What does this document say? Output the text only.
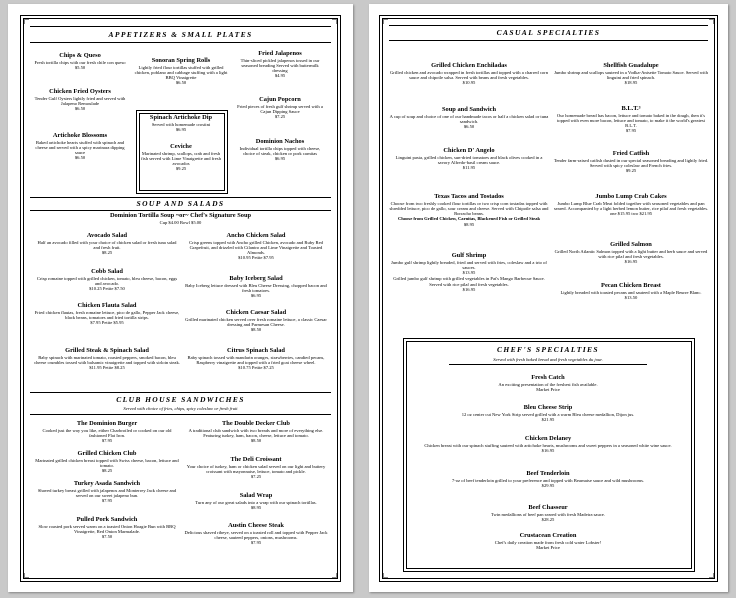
APPETIZERS & SMALL PLATES
Chips & Queso
Fresh tortilla chips with our fresh chile con queso
$5.50
Chicken Fried Oysters
Tender Gulf Oysters lightly fried and served with Jalapeno Remoulade
$6.50
Artichoke Blossoms
Baked artichoke hearts stuffed with spinach and cheese and served with a spicy marinara dipping sauce
$6.50
Sonoran Spring Rolls
Lightly fried flour tortillas stuffed with grilled chicken, poblano and cabbage stuffing with a light BBQ Vinaigrette
$6.50
Spinach Artichoke Dip
Served with homemade crostini
$6.95
Ceviche
Marinated shrimp, scallops, crab and fresh fish served with Lime Vinaigrette and fresh avocados
$9.25
Fried Jalapenos
Thin-sliced pickled jalapenos tossed in our seasoned breading Served with buttermilk dressing
$4.95
Cajun Popcorn
Fried pieces of fresh gulf shrimp served with a Cajun Dipping Sauce
$7.25
Dominion Nachos
Individual tortilla chips topped with cheese, choice of steak, chicken or pork carnitas
$6.95
SOUP AND SALADS
Dominion Tortilla Soup ~or~ Chef's Signature Soup
Cup $4.00 Bowl $5.00
Avocado Salad
Half an avocado filled with your choice of chicken salad or fresh tuna salad and fresh fruit.
$8.25
Cobb Salad
Crisp romaine topped with grilled chicken, tomato, bleu cheese, bacon, eggs and avocado.
$10.25 Petite $7.50
Chicken Flauta Salad
Fried chicken flautas, fresh romaine lettuce, pico de gallo, Pepper Jack cheese, black beans, tomatoes and fried tortilla strips.
$7.95 Petite $5.95
Grilled Steak & Spinach Salad
Baby spinach with marinated tomato, roasted peppers, smoked bacon, bleu cheese crumbles tossed with balsamic vinaigrette and topped with sirloin steak.
$11.95 Petite $8.25
Ancho Chicken Salad
Crisp greens topped with Ancho grilled Chicken, avocado and Ruby Red Grapefruit, and drizzled with Cilantro and Lime Vinaigrette and Toasted Almonds.
$10.95 Petite $7.95
Baby Iceberg Salad
Baby Iceberg lettuce dressed with Bleu Cheese Dressing, chopped bacon and fresh tomatoes.
$6.95
Chicken Caesar Salad
Grilled marinated chicken served over fresh romaine lettuce, a classic Caesar dressing and Parmesan Cheese.
$8.50
Citrus Spinach Salad
Baby spinach tossed with mandarin oranges, strawberries, candied pecans, Raspberry vinaigrette and topped with a fried goat cheese wheel.
$10.75 Petite $7.25
CLUB HOUSE SANDWICHES
Served with choice of fries, chips, spicy coleslaw or fresh fruit
The Dominion Burger
Cooked just the way you like, either Charbroiled or cooked on our old fashioned Flat Iron.
$7.95
Grilled Chicken Club
Marinated grilled chicken breast topped with Swiss cheese, bacon, lettuce and tomato.
$8.25
Turkey Asada Sandwich
Shaved turkey breast grilled with jalapenos and Monterrey Jack cheese and served on our sweet jalapeno bun.
$7.95
Pulled Pork Sandwich
Slow roasted pork served warm on a toasted Onion Hoagie Bun with BBQ Vinaigrette, Red Onion Marmalade.
$7.50
The Double Decker Club
A traditional club sandwich with two breads and more of everything else. Featuring turkey, ham, bacon, cheese, lettuce and tomato.
$8.50
The Deli Croissant
Your choice of turkey, ham or chicken salad served on our light and buttery croissant with mayonnaise, lettuce, tomato and pickle.
$7.25
Salad Wrap
Turn any of our great salads into a wrap with our spinach tortillas.
$8.95
Austin Cheese Steak
Delicious shaved ribeye, served on a toasted roll and topped with Pepper Jack cheese, sauteed peppers, onions, mushrooms.
$7.95
CASUAL SPECIALTIES
Grilled Chicken Enchiladas
Grilled chicken and avocado wrapped in fresh tortillas and topped with a charred corn sauce and chipotle salsa. Served with beans and fresh vegetables.
$10.95
Soup and Sandwich
A cup of soup and choice of one of our handmade tacos or half a chicken salad or tuna sandwich.
$6.50
Chicken D' Angelo
Linguini pasta, grilled chicken, sun-dried tomatoes and black olives cooked in a savory Alfredo-basil cream sauce.
$11.95
Texas Tacos and Tostados
Choose from two freshly cooked flour tortillas or two crisp corn tostadas topped with shredded lettuce, pico de gallo, sour cream and cheese. Served with Chipotle salsa and Borracho beans.
Choose from Grilled Chicken, Carnitas, Blackened Fish or Grilled Steak
$8.95
Gulf Shrimp
Jumbo gulf shrimp lightly breaded, fried and served with fries, coleslaw and a trio of sauces.
$13.95
Grilled jumbo gulf shrimp with grilled vegetables in Pat's Mango Barbecue Sauce. Served with rice pilaf and fresh vegetables.
$16.95
Shellfish Guadalupe
Jumbo shrimp and scallops sauteed in a Vodka-Anisette Tomato Sauce. Served with linguini and fried spinach.
$18.95
B.L.T.³
Our homemade bread has bacon, lettuce and tomato baked in the dough, then it's topped with even more bacon, lettuce and tomato, to make it the world's greatest B.L.T.
$7.95
Fried Catfish
Tender farm-raised catfish dusted in our special seasoned breading and lightly fried. Served with spicy coleslaw and French fries.
$9.25
Jumbo Lump Crab Cakes
Jumbo Lump Blue Crab Meat folded together with seasoned vegetables and pan seared. Accompanied by a light herbed lemon butter, rice pilaf and fresh vegetables.
one $15.95 two $21.95
Grilled Salmon
Grilled North Atlantic Salmon topped with a light butter and herb sauce and served with rice pilaf and fresh vegetables.
$16.95
Pecan Chicken Breast
Lightly breaded with toasted pecans and sauteed with a Maple Beurre Blanc.
$13.50
CHEF'S SPECIALTIES
Served with fresh baked bread and fresh vegetables du jour.
Fresh Catch
An exciting presentation of the freshest fish available.
Market Price
Bleu Cheese Strip
12 oz center cut New York Strip served grilled with a warm Bleu cheese medallion, Dijon jus.
$21.95
Chicken Delaney
Chicken breast with our spinach stuffing sauteed with artichoke hearts, mushrooms and sweet peppers in a seasoned white wine sauce.
$16.95
Beef Tenderloin
7-oz of beef tenderloin grilled to your preference and topped with Bearnaise sauce and wild mushrooms.
$29.95
Beef Chasseur
Twin medallions of beef pan seared with fresh Madeira sauce.
$28.25
Crustacean Creation
Chef's daily creation made from fresh cold water Lobster!
Market Price
